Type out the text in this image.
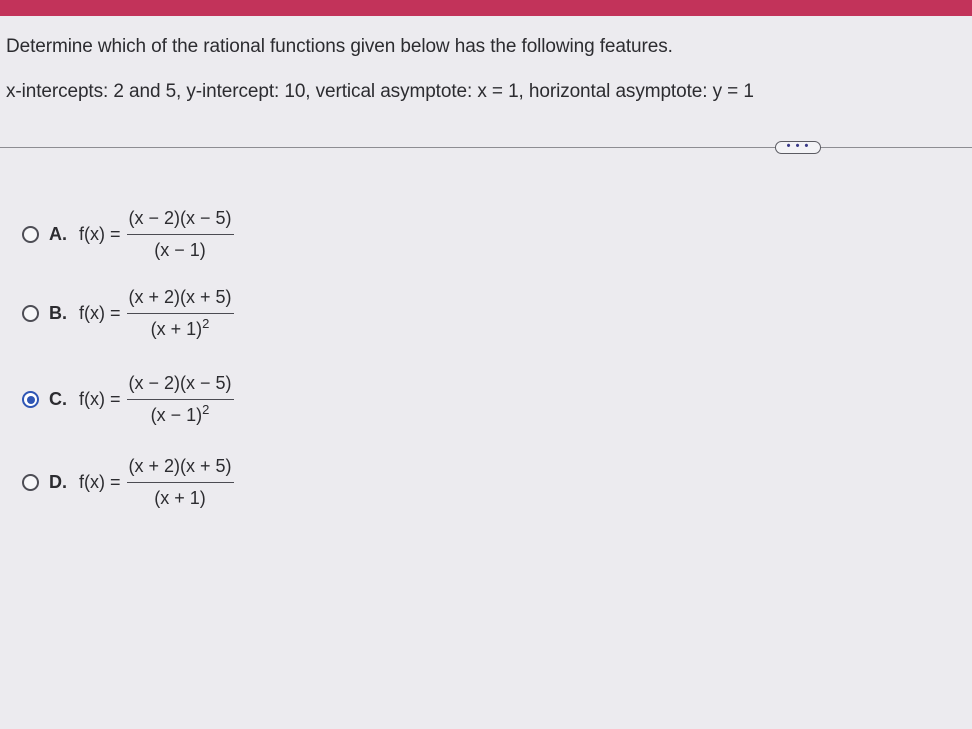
Determine which of the rational functions given below has the following features.
x-intercepts: 2 and 5, y-intercept: 10, vertical asymptote: x = 1, horizontal asymptote: y = 1
• • •
A. $f(x) = \frac{(x - 2)(x - 5)}{(x - 1)}$
B. $f(x) = \frac{(x + 2)(x + 5)}{(x + 1)^2}$
C. $f(x) = \frac{(x - 2)(x - 5)}{(x - 1)^2}$
D. $f(x) = \frac{(x + 2)(x + 5)}{(x + 1)}$
